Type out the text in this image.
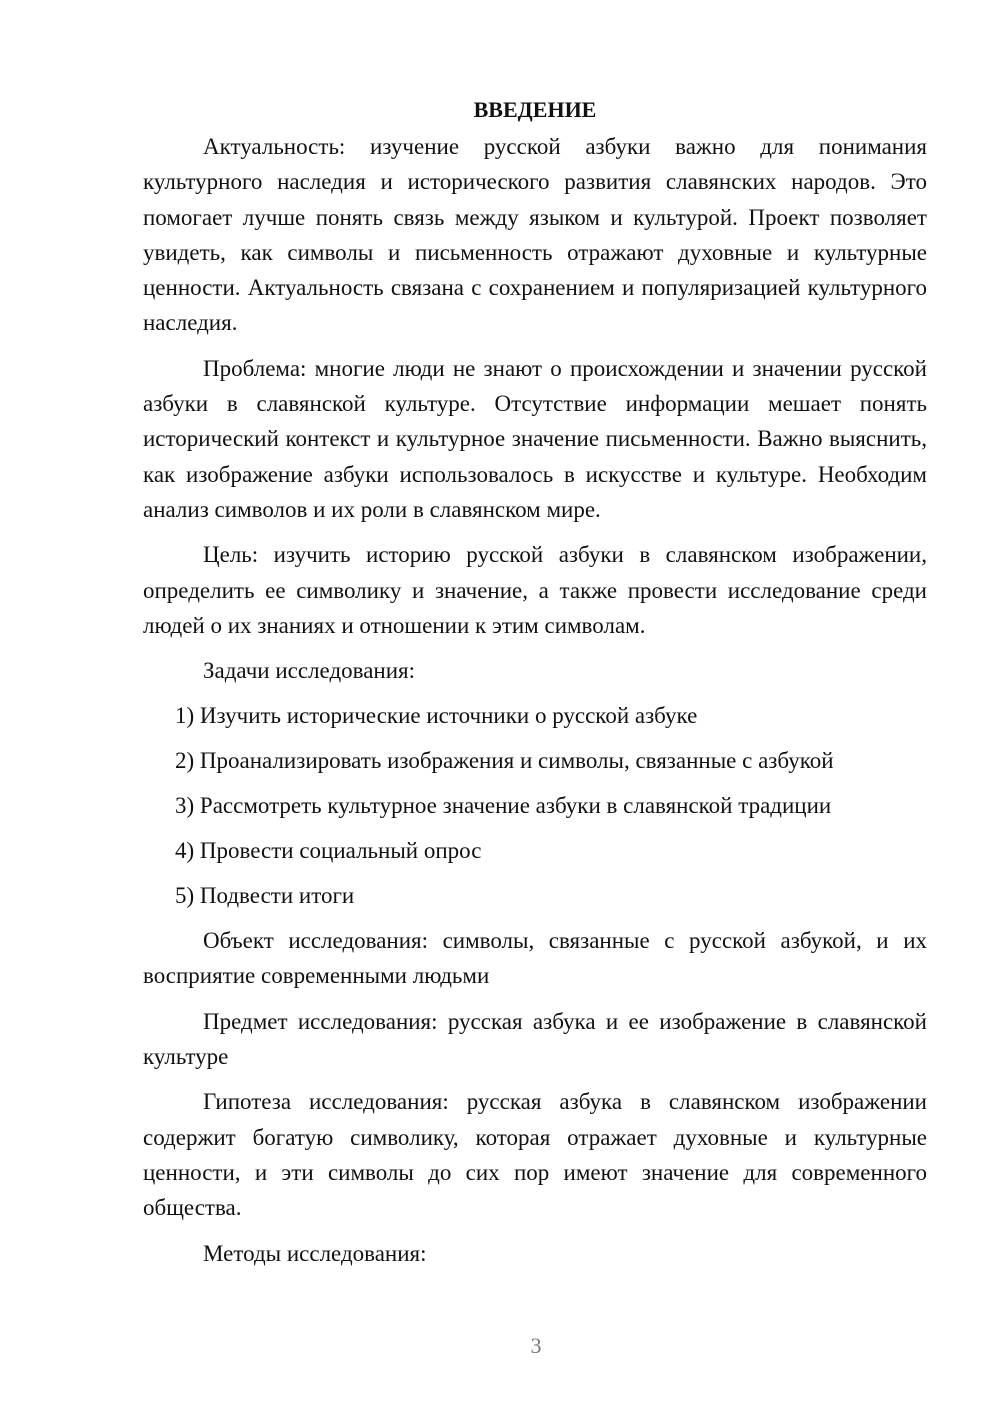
ВВЕДЕНИЕ

Актуальность: изучение русской азбуки важно для понимания культурного наследия и исторического развития славянских народов. Это помогает лучше понять связь между языком и культурой. Проект позволяет увидеть, как символы и письменность отражают духовные и культурные ценности. Актуальность связана с сохранением и популяризацией культурного наследия.

Проблема: многие люди не знают о происхождении и значении русской азбуки в славянской культуре. Отсутствие информации мешает понять исторический контекст и культурное значение письменности. Важно выяснить, как изображение азбуки использовалось в искусстве и культуре. Необходим анализ символов и их роли в славянском мире.

Цель: изучить историю русской азбуки в славянском изображении, определить ее символику и значение, а также провести исследование среди людей о их знаниях и отношении к этим символам.

Задачи исследования:

1) Изучить исторические источники о русской азбуке
2) Проанализировать изображения и символы, связанные с азбукой
3) Рассмотреть культурное значение азбуки в славянской традиции
4) Провести социальный опрос
5) Подвести итоги

Объект исследования: символы, связанные с русской азбукой, и их восприятие современными людьми

Предмет исследования: русская азбука и ее изображение в славянской культуре

Гипотеза исследования: русская азбука в славянском изображении содержит богатую символику, которая отражает духовные и культурные ценности, и эти символы до сих пор имеют значение для современного общества.

Методы исследования:

3
